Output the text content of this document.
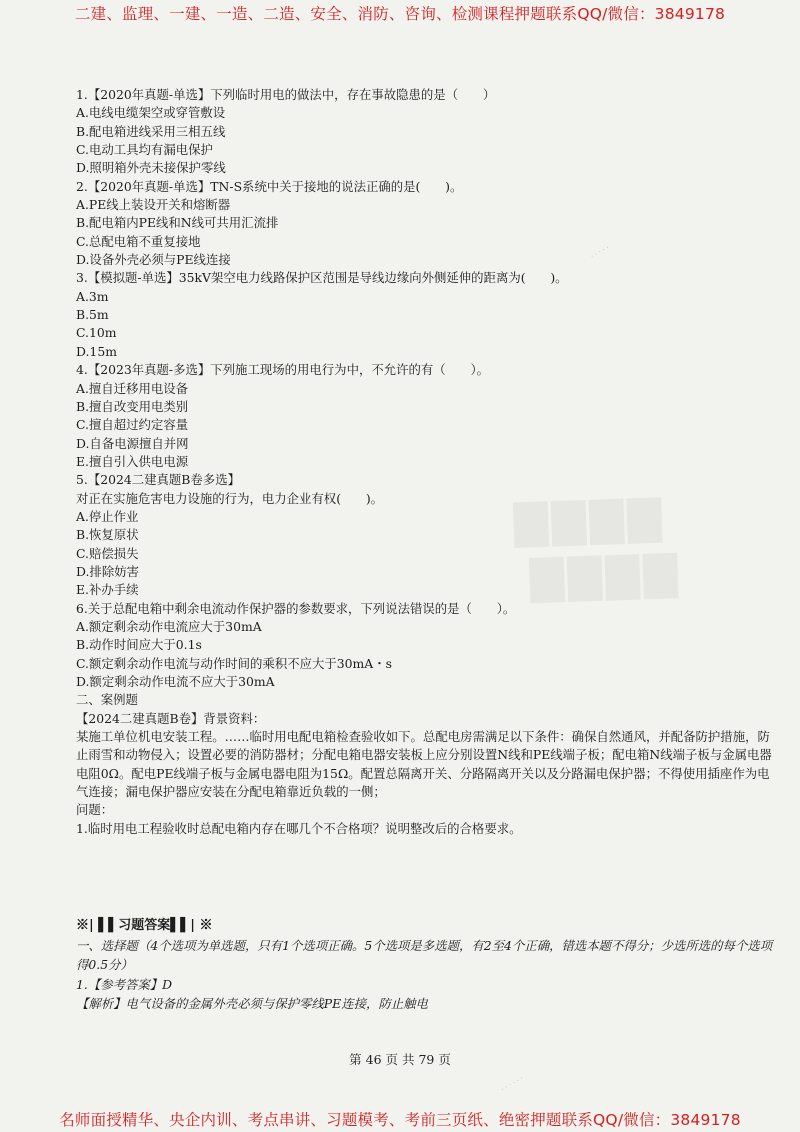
二建、监理、一建、一造、二造、安全、消防、咨询、检测课程押题联系QQ/微信：3849178
▇▇▇▇
▇▇▇▇
· · · · ·
· · · · · ·
1.【2020年真题-单选】下列临时用电的做法中，存在事故隐患的是（　　）
A.电线电缆架空或穿管敷设
B.配电箱进线采用三相五线
C.电动工具均有漏电保护
D.照明箱外壳未接保护零线
2.【2020年真题-单选】TN-S系统中关于接地的说法正确的是(　　)。
A.PE线上装设开关和熔断器
B.配电箱内PE线和N线可共用汇流排
C.总配电箱不重复接地
D.设备外壳必须与PE线连接
3.【模拟题-单选】35kV架空电力线路保护区范围是导线边缘向外侧延伸的距离为(　　)。
A.3m
B.5m
C.10m
D.15m
4.【2023年真题-多选】下列施工现场的用电行为中，不允许的有（　　）。
A.擅自迁移用电设备
B.擅自改变用电类别
C.擅自超过约定容量
D.自备电源擅自并网
E.擅自引入供电电源
5.【2024二建真题B卷多选】
对正在实施危害电力设施的行为，电力企业有权(　　)。
A.停止作业
B.恢复原状
C.赔偿损失
D.排除妨害
E.补办手续
6.关于总配电箱中剩余电流动作保护器的参数要求，下列说法错误的是（　　）。
A.额定剩余动作电流应大于30mA
B.动作时间应大于0.1s
C.额定剩余动作电流与动作时间的乘积不应大于30mA・s
D.额定剩余动作电流不应大于30mA
二、案例题
【2024二建真题B卷】背景资料：
某施工单位机电安装工程。……临时用电配电箱检查验收如下。总配电房需满足以下条件：确保自然通风，并配备防护措施，防止雨雪和动物侵入；设置必要的消防器材；分配电箱电器安装板上应分别设置N线和PE线端子板；配电箱N线端子板与金属电器电阻0Ω。配电PE线端子板与金属电器电阻为15Ω。配置总隔离开关、分路隔离开关以及分路漏电保护器；不得使用插座作为电气连接；漏电保护器应安装在分配电箱靠近负载的一侧；
问题：
1.临时用电工程验收时总配电箱内存在哪几个不合格项？说明整改后的合格要求。
※| ▌▌习题答案▌▌| ※
一、选择题（4个选项为单选题，只有1个选项正确。5个选项是多选题，有2至4个正确，错选本题不得分；少选所选的每个选项得0.5分）
1.【参考答案】D
【解析】电气设备的金属外壳必须与保护零线PE连接，防止触电
第 46 页 共 79 页
名师面授精华、央企内训、考点串讲、习题模考、考前三页纸、绝密押题联系QQ/微信：3849178
